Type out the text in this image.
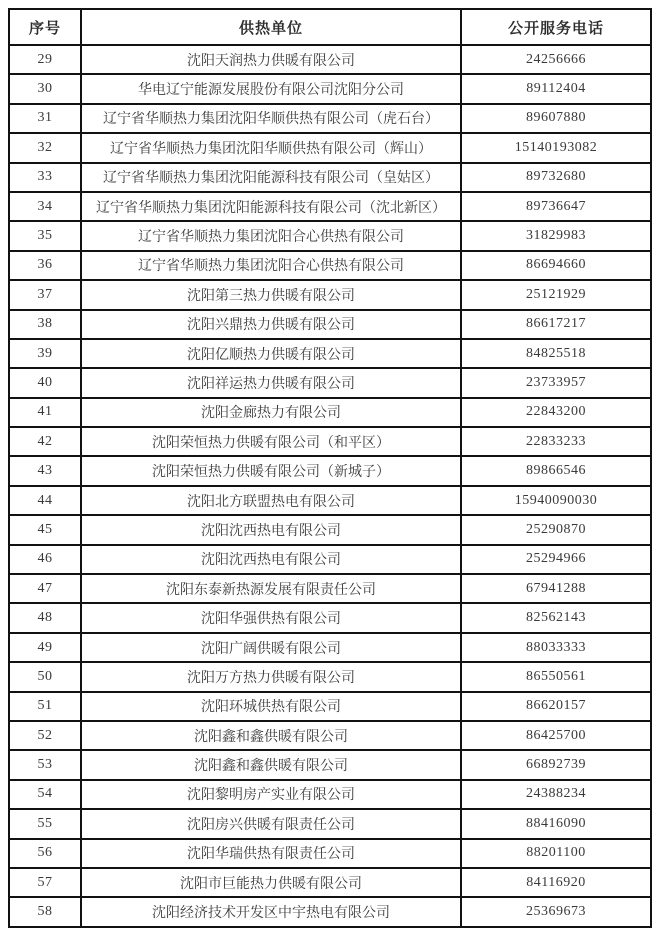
序号	供热单位	公开服务电话
29	沈阳天润热力供暖有限公司	24256666
30	华电辽宁能源发展股份有限公司沈阳分公司	89112404
31	辽宁省华顺热力集团沈阳华顺供热有限公司（虎石台）	89607880
32	辽宁省华顺热力集团沈阳华顺供热有限公司（辉山）	15140193082
33	辽宁省华顺热力集团沈阳能源科技有限公司（皇姑区）	89732680
34	辽宁省华顺热力集团沈阳能源科技有限公司（沈北新区）	89736647
35	辽宁省华顺热力集团沈阳合心供热有限公司	31829983
36	辽宁省华顺热力集团沈阳合心供热有限公司	86694660
37	沈阳第三热力供暖有限公司	25121929
38	沈阳兴鼎热力供暖有限公司	86617217
39	沈阳亿顺热力供暖有限公司	84825518
40	沈阳祥运热力供暖有限公司	23733957
41	沈阳金廊热力有限公司	22843200
42	沈阳荣恒热力供暖有限公司（和平区）	22833233
43	沈阳荣恒热力供暖有限公司（新城子）	89866546
44	沈阳北方联盟热电有限公司	15940090030
45	沈阳沈西热电有限公司	25290870
46	沈阳沈西热电有限公司	25294966
47	沈阳东泰新热源发展有限责任公司	67941288
48	沈阳华强供热有限公司	82562143
49	沈阳广阔供暖有限公司	88033333
50	沈阳万方热力供暖有限公司	86550561
51	沈阳环城供热有限公司	86620157
52	沈阳鑫和鑫供暖有限公司	86425700
53	沈阳鑫和鑫供暖有限公司	66892739
54	沈阳黎明房产实业有限公司	24388234
55	沈阳房兴供暖有限责任公司	88416090
56	沈阳华瑞供热有限责任公司	88201100
57	沈阳市巨能热力供暖有限公司	84116920
58	沈阳经济技术开发区中宇热电有限公司	25369673
